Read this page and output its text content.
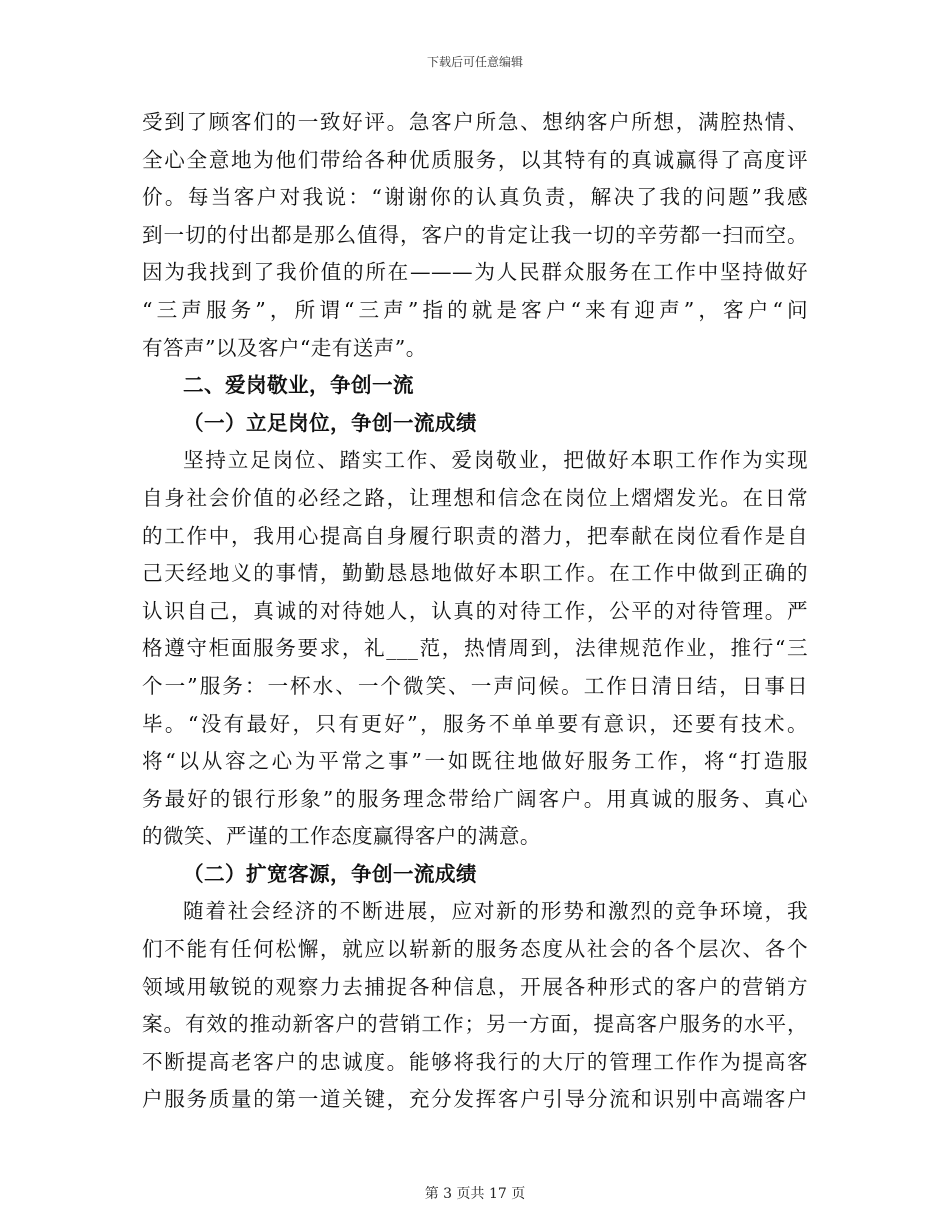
下载后可任意编辑
受到了顾客们的一致好评。急客户所急、想纳客户所想，满腔热情、
全心全意地为他们带给各种优质服务，以其特有的真诚赢得了高度评
价。每当客户对我说：“谢谢你的认真负责，解决了我的问题”我感
到一切的付出都是那么值得，客户的肯定让我一切的辛劳都一扫而空。
因为我找到了我价值的所在———为人民群众服务在工作中坚持做好
“三声服务”，所谓“三声”指的就是客户“来有迎声”，客户“问
有答声”以及客户“走有送声”。
二、爱岗敬业，争创一流
（一）立足岗位，争创一流成绩
坚持立足岗位、踏实工作、爱岗敬业，把做好本职工作作为实现
自身社会价值的必经之路，让理想和信念在岗位上熠熠发光。在日常
的工作中，我用心提高自身履行职责的潜力，把奉献在岗位看作是自
己天经地义的事情，勤勤恳恳地做好本职工作。在工作中做到正确的
认识自己，真诚的对待她人，认真的对待工作，公平的对待管理。严
格遵守柜面服务要求，礼___范，热情周到，法律规范作业，推行“三
个一”服务：一杯水、一个微笑、一声问候。工作日清日结，日事日
毕。“没有最好，只有更好”，服务不单单要有意识，还要有技术。
将“以从容之心为平常之事”一如既往地做好服务工作，将“打造服
务最好的银行形象”的服务理念带给广阔客户。用真诚的服务、真心
的微笑、严谨的工作态度赢得客户的满意。
（二）扩宽客源，争创一流成绩
随着社会经济的不断进展，应对新的形势和激烈的竞争环境，我
们不能有任何松懈，就应以崭新的服务态度从社会的各个层次、各个
领域用敏锐的观察力去捕捉各种信息，开展各种形式的客户的营销方
案。有效的推动新客户的营销工作；另一方面，提高客户服务的水平，
不断提高老客户的忠诚度。能够将我行的大厅的管理工作作为提高客
户服务质量的第一道关键，充分发挥客户引导分流和识别中高端客户
第 3 页共 17 页
